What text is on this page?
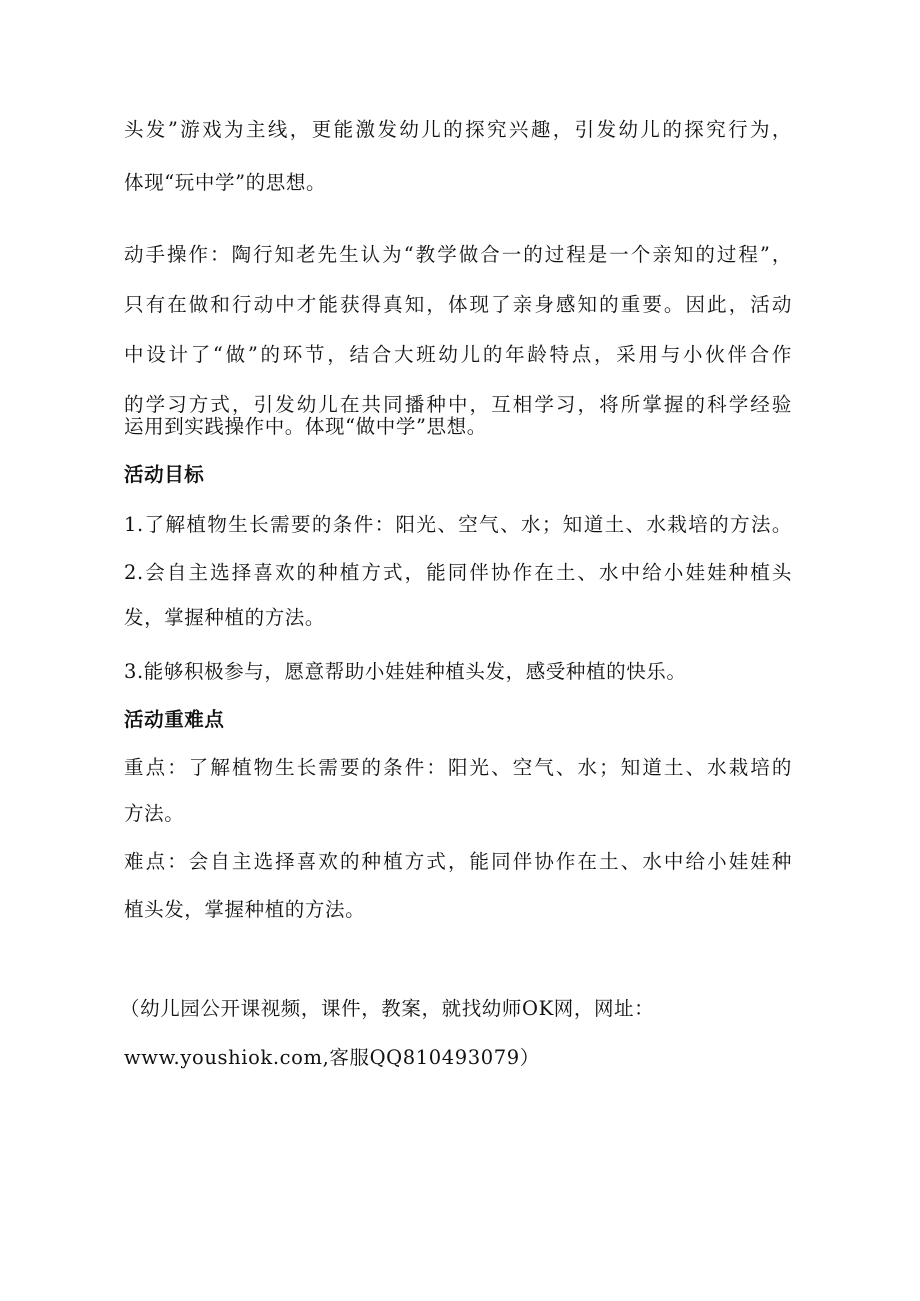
头发”游戏为主线，更能激发幼儿的探究兴趣，引发幼儿的探究行为，
体现“玩中学”的思想。
动手操作：陶行知老先生认为“教学做合一的过程是一个亲知的过程”，
只有在做和行动中才能获得真知，体现了亲身感知的重要。因此，活动
中设计了“做”的环节，结合大班幼儿的年龄特点，采用与小伙伴合作
的学习方式，引发幼儿在共同播种中，互相学习，将所掌握的科学经验
运用到实践操作中。体现“做中学”思想。
活动目标
1.了解植物生长需要的条件：阳光、空气、水；知道土、水栽培的方法。
2.会自主选择喜欢的种植方式，能同伴协作在土、水中给小娃娃种植头
发，掌握种植的方法。
3.能够积极参与，愿意帮助小娃娃种植头发，感受种植的快乐。
活动重难点
重点：了解植物生长需要的条件：阳光、空气、水；知道土、水栽培的
方法。
难点：会自主选择喜欢的种植方式，能同伴协作在土、水中给小娃娃种
植头发，掌握种植的方法。
（幼儿园公开课视频，课件，教案，就找幼师OK网，网址：
www.youshiok.com,客服QQ810493079）
